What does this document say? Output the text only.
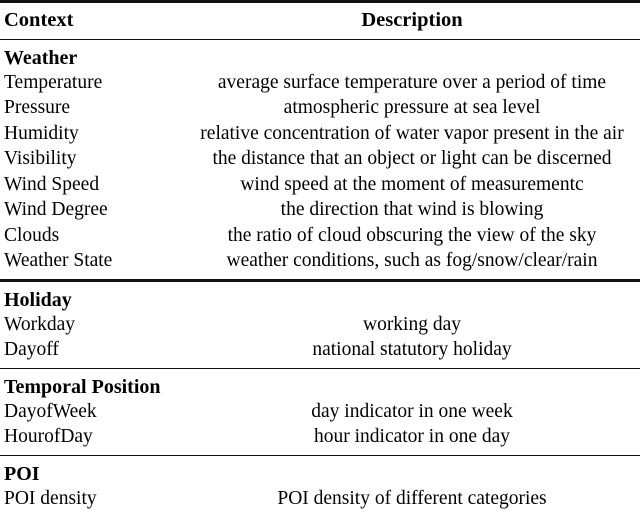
Context	Description
Weather	
Temperature	average surface temperature over a period of time
Pressure	atmospheric pressure at sea level
Humidity	relative concentration of water vapor present in the air
Visibility	the distance that an object or light can be discerned
Wind Speed	wind speed at the moment of measurementc
Wind Degree	the direction that wind is blowing
Clouds	the ratio of cloud obscuring the view of the sky
Weather State	weather conditions, such as fog/snow/clear/rain
Holiday	
Workday	working day
Dayoff	national statutory holiday
Temporal Position	
DayofWeek	day indicator in one week
HourofDay	hour indicator in one day
POI	
POI density	POI density of different categories
